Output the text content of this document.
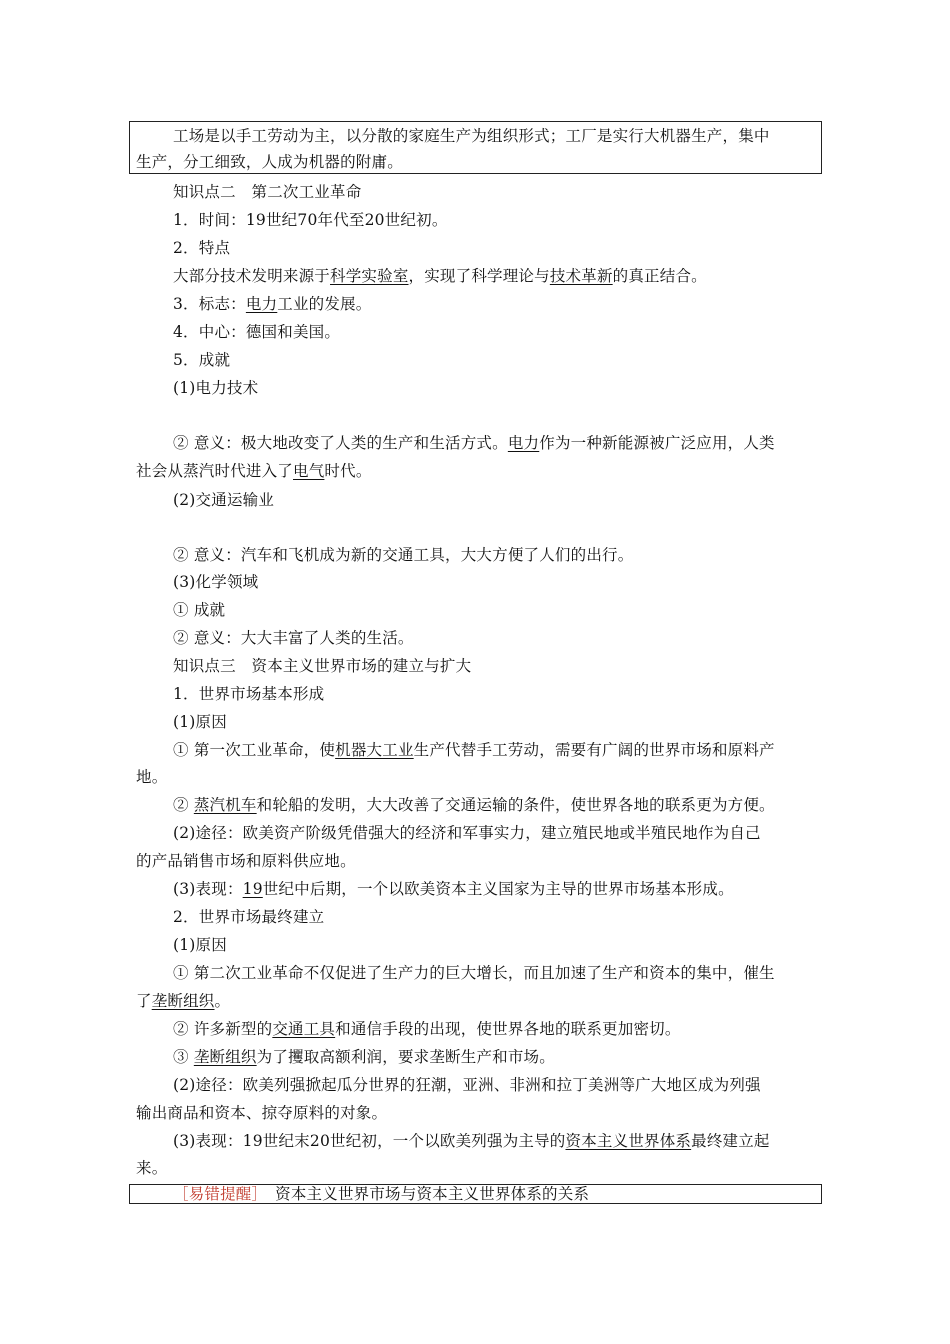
工场是以手工劳动为主，以分散的家庭生产为组织形式；工厂是实行大机器生产，集中
生产，分工细致，人成为机器的附庸。
知识点二　第二次工业革命
1．时间：19世纪70年代至20世纪初。
2．特点
大部分技术发明来源于科学实验室，实现了科学理论与技术革新的真正结合。
3．标志：电力工业的发展。
4．中心：德国和美国。
5．成就
(1)电力技术
② 意义：极大地改变了人类的生产和生活方式。电力作为一种新能源被广泛应用，人类
社会从蒸汽时代进入了电气时代。
(2)交通运输业
② 意义：汽车和飞机成为新的交通工具，大大方便了人们的出行。
(3)化学领域
① 成就
② 意义：大大丰富了人类的生活。
知识点三　资本主义世界市场的建立与扩大
1．世界市场基本形成
(1)原因
① 第一次工业革命，使机器大工业生产代替手工劳动，需要有广阔的世界市场和原料产
地。
② 蒸汽机车和轮船的发明，大大改善了交通运输的条件，使世界各地的联系更为方便。
(2)途径：欧美资产阶级凭借强大的经济和军事实力，建立殖民地或半殖民地作为自己
的产品销售市场和原料供应地。
(3)表现：19世纪中后期，一个以欧美资本主义国家为主导的世界市场基本形成。
2．世界市场最终建立
(1)原因
① 第二次工业革命不仅促进了生产力的巨大增长，而且加速了生产和资本的集中，催生
了垄断组织。
② 许多新型的交通工具和通信手段的出现，使世界各地的联系更加密切。
③ 垄断组织为了攫取高额利润，要求垄断生产和市场。
(2)途径：欧美列强掀起瓜分世界的狂潮，亚洲、非洲和拉丁美洲等广大地区成为列强
输出商品和资本、掠夺原料的对象。
(3)表现：19世纪末20世纪初，一个以欧美列强为主导的资本主义世界体系最终建立起
来。
［易错提醒］　资本主义世界市场与资本主义世界体系的关系
